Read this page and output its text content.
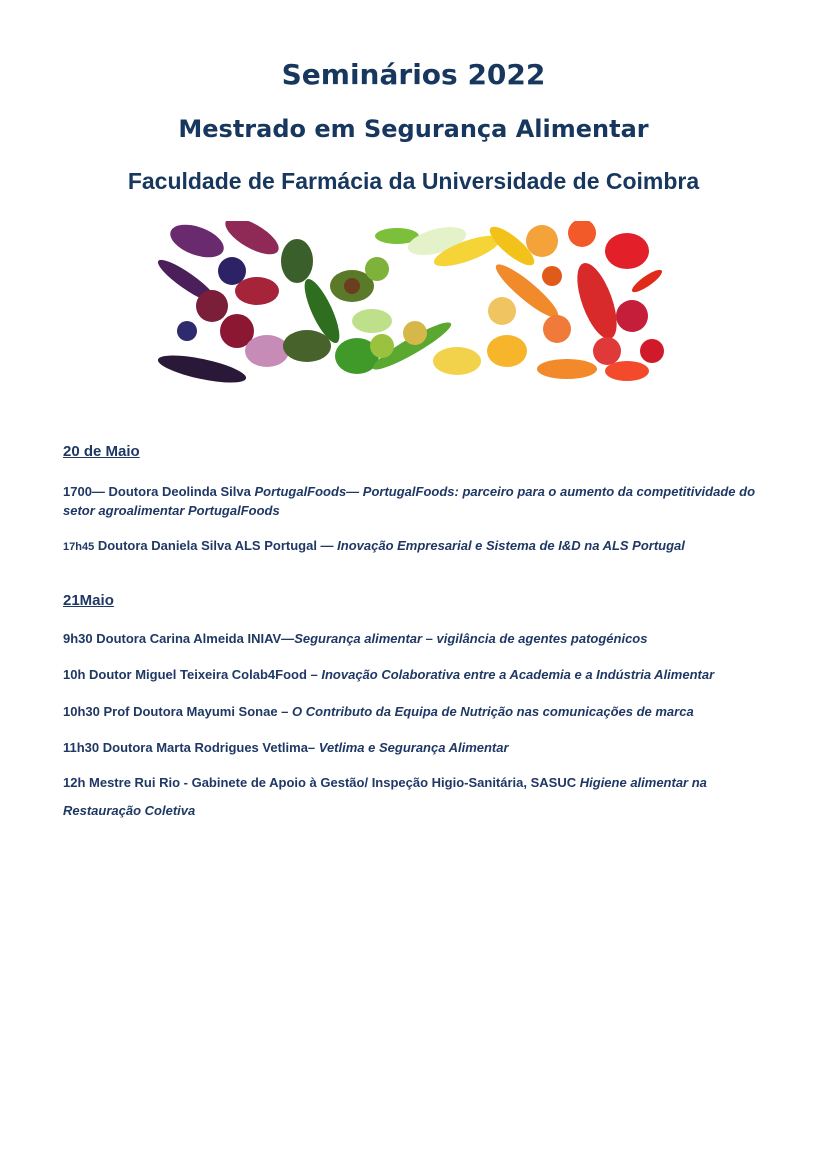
Seminários 2022
Mestrado em Segurança Alimentar
Faculdade de Farmácia da Universidade de Coimbra
20 de Maio
1700— Doutora Deolinda Silva PortugalFoods— PortugalFoods: parceiro para o aumento da competitividade do setor agroalimentar PortugalFoods
17h45 Doutora Daniela Silva ALS Portugal — Inovação Empresarial e Sistema de I&D na ALS Portugal
21Maio
9h30 Doutora Carina Almeida INIAV—Segurança alimentar – vigilância de agentes patogénicos
10h Doutor Miguel Teixeira Colab4Food – Inovação Colaborativa entre a Academia e a Indústria Alimentar
10h30 Prof Doutora Mayumi Sonae – O Contributo da Equipa de Nutrição nas comunicações de marca
11h30 Doutora Marta Rodrigues Vetlima– Vetlima e Segurança Alimentar
12h Mestre Rui Rio - Gabinete de Apoio à Gestão/ Inspeção Higio-Sanitária, SASUC Higiene alimentar na Restauração Coletiva
